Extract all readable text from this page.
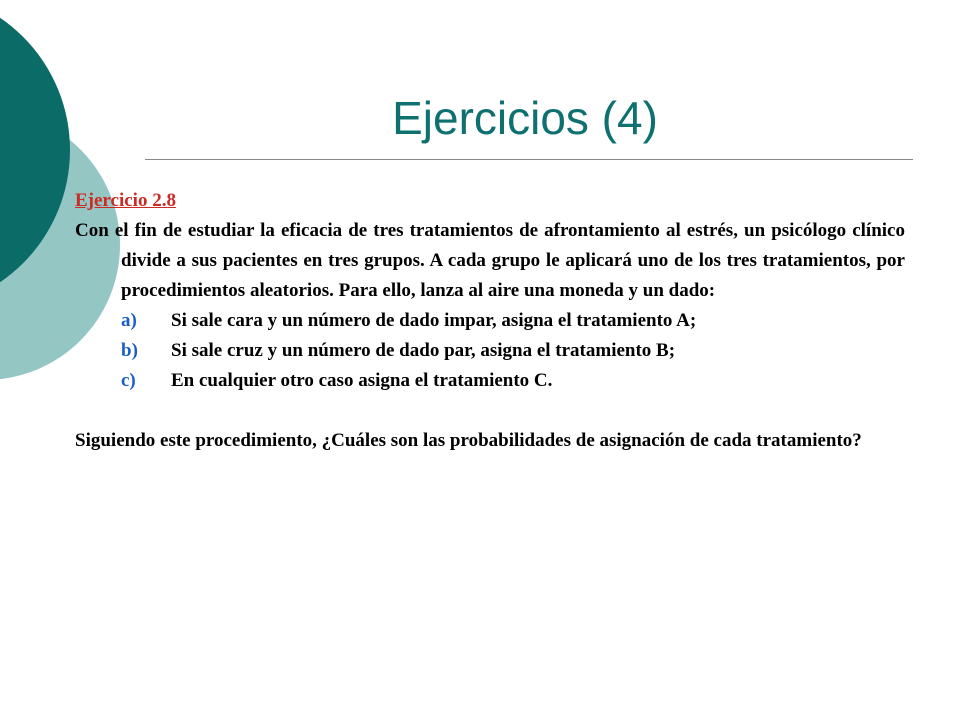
Ejercicios (4)
Ejercicio 2.8

Con el fin de estudiar la eficacia de tres tratamientos de afrontamiento al estrés, un psicólogo clínico divide a sus pacientes en tres grupos. A cada grupo le aplicará uno de los tres tratamientos, por procedimientos aleatorios. Para ello, lanza al aire una moneda y un dado:

a)	Si sale cara y un número de dado impar, asigna el tratamiento A;
b)	Si sale cruz y un número de dado par, asigna el tratamiento B;
c)	En cualquier otro caso asigna el tratamiento C.

Siguiendo este procedimiento, ¿Cuáles son las probabilidades de asignación de cada tratamiento?
